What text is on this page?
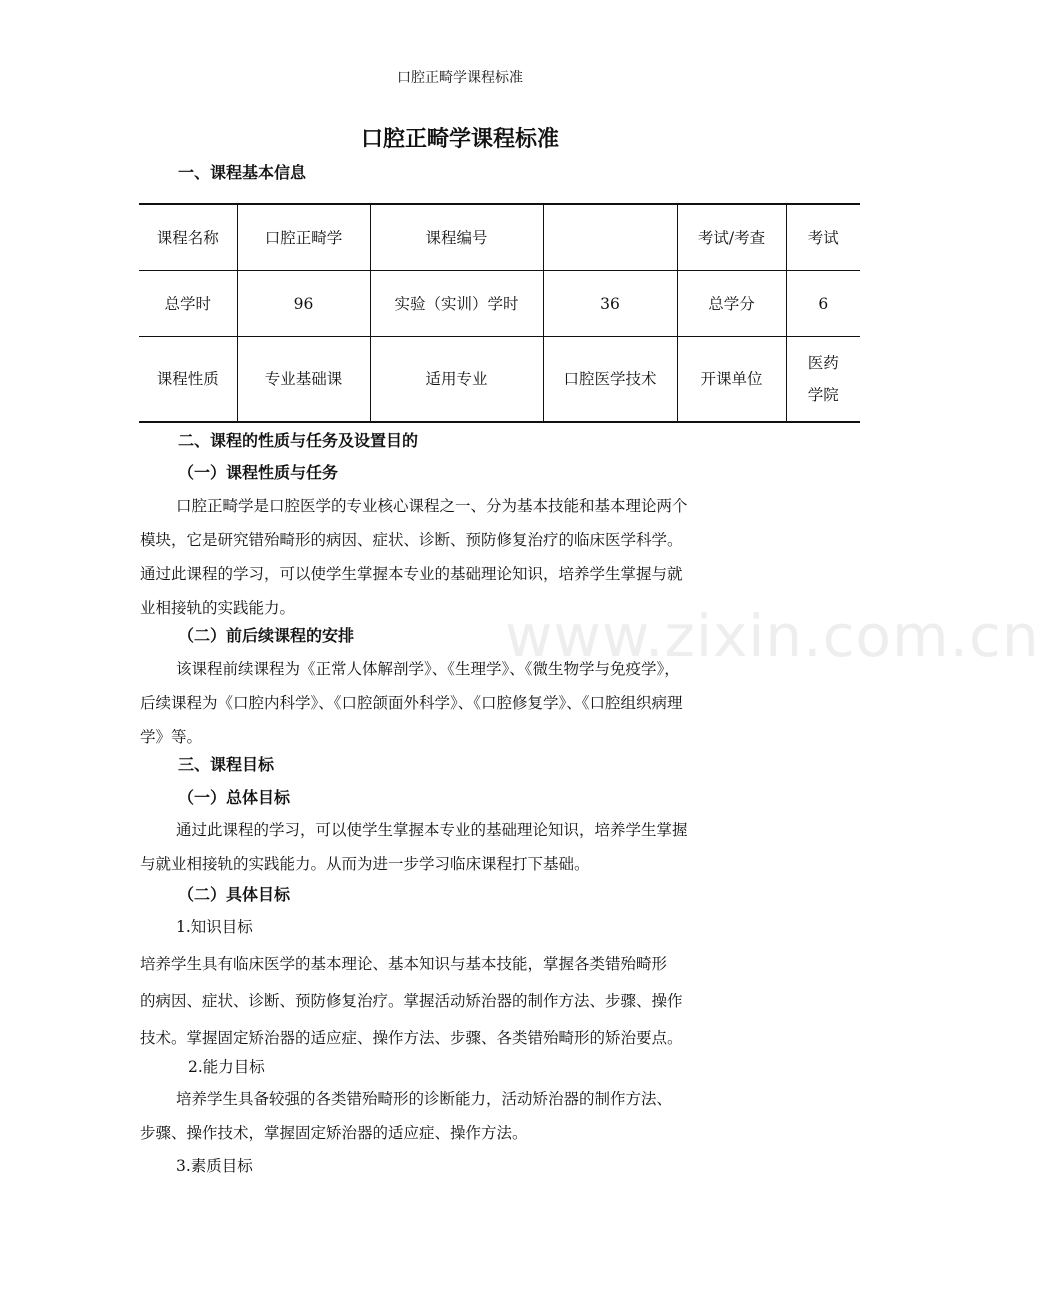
口腔正畸学课程标准
口腔正畸学课程标准
一、课程基本信息
课程名称	口腔正畸学	课程编号		考试/考查	考试
总学时	96	实验（实训）学时	36	总学分	6
课程性质	专业基础课	适用专业	口腔医学技术	开课单位	医药学院
二、课程的性质与任务及设置目的
（一）课程性质与任务
口腔正畸学是口腔医学的专业核心课程之一、分为基本技能和基本理论两个
模块，它是研究错殆畸形的病因、症状、诊断、预防修复治疗的临床医学科学。
通过此课程的学习，可以使学生掌握本专业的基础理论知识，培养学生掌握与就
业相接轨的实践能力。
（二）前后续课程的安排
该课程前续课程为《正常人体解剖学》、《生理学》、《微生物学与免疫学》，
后续课程为《口腔内科学》、《口腔颌面外科学》、《口腔修复学》、《口腔组织病理
学》等。
三、课程目标
（一）总体目标
通过此课程的学习，可以使学生掌握本专业的基础理论知识，培养学生掌握
与就业相接轨的实践能力。从而为进一步学习临床课程打下基础。
（二）具体目标
1.知识目标
培养学生具有临床医学的基本理论、基本知识与基本技能，掌握各类错殆畸形
的病因、症状、诊断、预防修复治疗。掌握活动矫治器的制作方法、步骤、操作
技术。掌握固定矫治器的适应症、操作方法、步骤、各类错殆畸形的矫治要点。
2.能力目标
培养学生具备较强的各类错殆畸形的诊断能力，活动矫治器的制作方法、
步骤、操作技术，掌握固定矫治器的适应症、操作方法。
3.素质目标
www.zixin.com.cn
